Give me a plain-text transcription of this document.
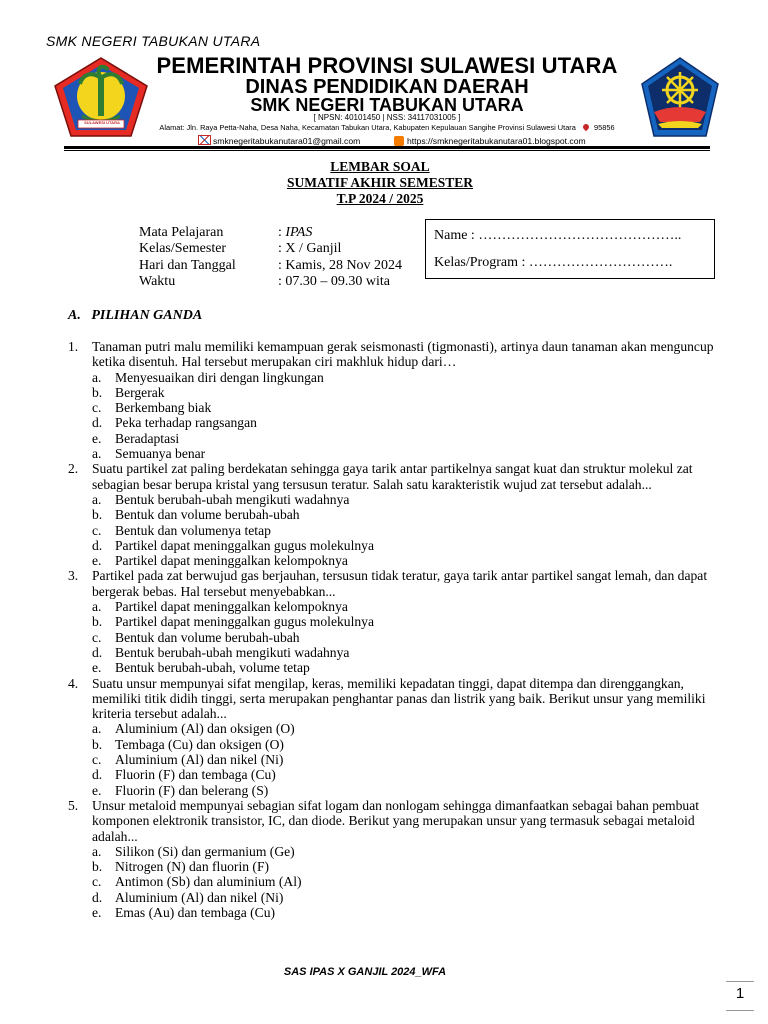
SMK NEGERI TABUKAN UTARA
SULAWESI UTARA
PEMERINTAH PROVINSI SULAWESI UTARA
DINAS PENDIDIKAN DAERAH
SMK NEGERI TABUKAN UTARA
[ NPSN: 40101450 | NSS: 34117031005 ]
Alamat: Jln. Raya Petta-Naha, Desa Naha, Kecamatan Tabukan Utara, Kabupaten Kepulauan Sangihe Provinsi Sulawesi Utara 95856
smknegeritabukanutara01@gmail.com	https://smknegeritabukanutara01.blogspot.com
LEMBAR SOAL
SUMATIF AKHIR SEMESTER
T.P 2024 / 2025
Mata Pelajaran	: IPAS
Kelas/Semester	: X / Ganjil
Hari dan Tanggal	: Kamis, 28 Nov 2024
Waktu	: 07.30 – 09.30 wita
Name : ……………………………………..
Kelas/Program : ………………………….
A.   PILIHAN GANDA
1.	Tanaman putri malu memiliki kemampuan gerak seismonasti (tigmonasti), artinya daun tanaman akan menguncup ketika disentuh. Hal tersebut merupakan ciri makhluk hidup dari…
a. Menyesuaikan diri dengan lingkungan
b. Bergerak
c. Berkembang biak
d. Peka terhadap rangsangan
e. Beradaptasi
a. Semuanya benar
2.	Suatu partikel zat paling berdekatan sehingga gaya tarik antar partikelnya sangat kuat dan struktur molekul zat sebagian besar berupa kristal yang tersusun teratur. Salah satu karakteristik wujud zat tersebut adalah...
a. Bentuk berubah-ubah mengikuti wadahnya
b. Bentuk dan volume berubah-ubah
c. Bentuk dan volumenya tetap
d. Partikel dapat meninggalkan gugus molekulnya
e. Partikel dapat meninggalkan kelompoknya
3.	Partikel pada zat berwujud gas berjauhan, tersusun tidak teratur, gaya tarik antar partikel sangat lemah, dan dapat bergerak bebas. Hal tersebut menyebabkan...
a. Partikel dapat meninggalkan kelompoknya
b. Partikel dapat meninggalkan gugus molekulnya
c. Bentuk dan volume berubah-ubah
d. Bentuk berubah-ubah mengikuti wadahnya
e. Bentuk berubah-ubah, volume tetap
4.	Suatu unsur mempunyai sifat mengilap, keras, memiliki kepadatan tinggi, dapat ditempa dan direnggangkan, memiliki titik didih tinggi, serta merupakan penghantar panas dan listrik yang baik. Berikut unsur yang memiliki kriteria tersebut adalah...
a. Aluminium (Al) dan oksigen (O)
b. Tembaga (Cu) dan oksigen (O)
c. Aluminium (Al) dan nikel (Ni)
d. Fluorin (F) dan tembaga (Cu)
e. Fluorin (F) dan belerang (S)
5.	Unsur metaloid mempunyai sebagian sifat logam dan nonlogam sehingga dimanfaatkan sebagai bahan pembuat komponen elektronik transistor, IC, dan diode. Berikut yang merupakan unsur yang termasuk sebagai metaloid adalah...
a. Silikon (Si) dan germanium (Ge)
b. Nitrogen (N) dan fluorin (F)
c. Antimon (Sb) dan aluminium (Al)
d. Aluminium (Al) dan nikel (Ni)
e. Emas (Au) dan tembaga (Cu)
SAS IPAS X GANJIL 2024_WFA
1
